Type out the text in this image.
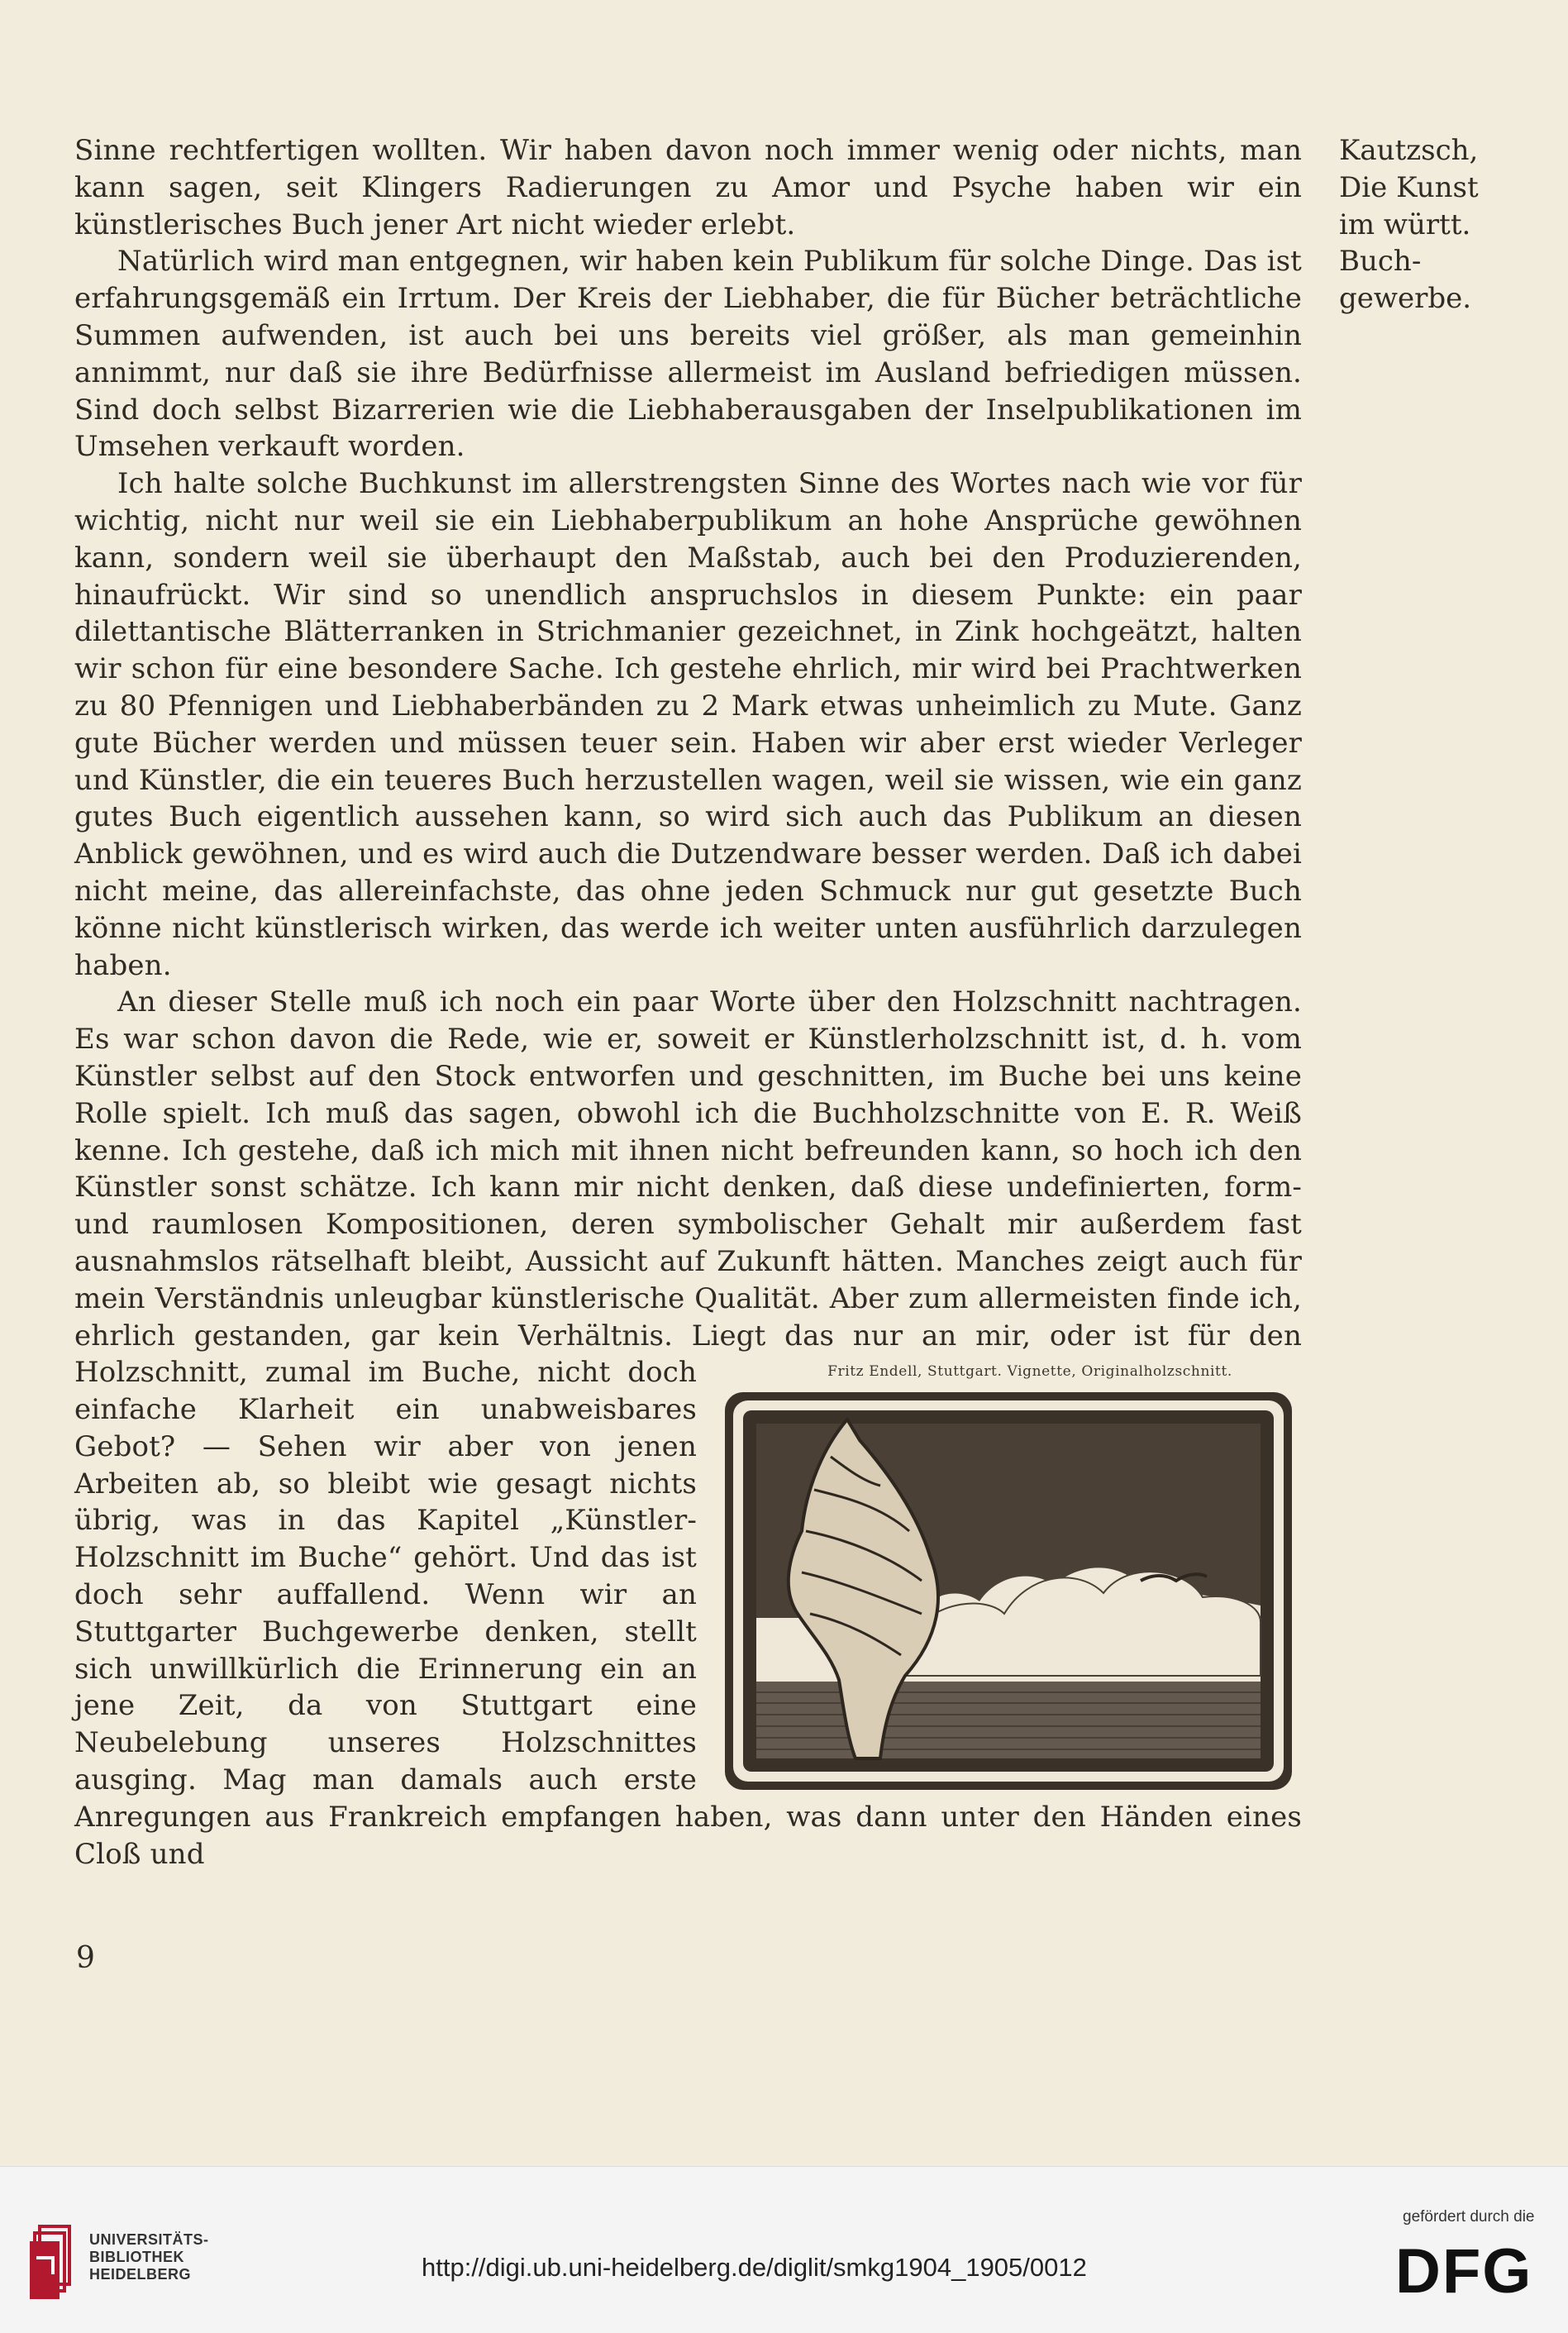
Sinne rechtfertigen wollten. Wir haben davon noch immer wenig oder nichts, man kann sagen, seit Klingers Radierungen zu Amor und Psyche haben wir ein künstlerisches Buch jener Art nicht wieder erlebt.

Natürlich wird man entgegnen, wir haben kein Publikum für solche Dinge. Das ist erfahrungsgemäß ein Irrtum. Der Kreis der Liebhaber, die für Bücher beträchtliche Summen aufwenden, ist auch bei uns bereits viel größer, als man gemeinhin annimmt, nur daß sie ihre Bedürfnisse allermeist im Ausland befriedigen müssen. Sind doch selbst Bizarrerien wie die Liebhaberausgaben der Inselpublikationen im Umsehen verkauft worden.

Ich halte solche Buchkunst im allerstrengsten Sinne des Wortes nach wie vor für wichtig, nicht nur weil sie ein Liebhaberpublikum an hohe Ansprüche gewöhnen kann, sondern weil sie überhaupt den Maßstab, auch bei den Produzierenden, hinaufrückt. Wir sind so unendlich anspruchslos in diesem Punkte: ein paar dilettantische Blätterranken in Strichmanier gezeichnet, in Zink hochgeätzt, halten wir schon für eine besondere Sache. Ich gestehe ehrlich, mir wird bei Prachtwerken zu 80 Pfennigen und Liebhaberbänden zu 2 Mark etwas unheimlich zu Mute. Ganz gute Bücher werden und müssen teuer sein. Haben wir aber erst wieder Verleger und Künstler, die ein teueres Buch herzustellen wagen, weil sie wissen, wie ein ganz gutes Buch eigentlich aussehen kann, so wird sich auch das Publikum an diesen Anblick gewöhnen, und es wird auch die Dutzendware besser werden. Daß ich dabei nicht meine, das allereinfachste, das ohne jeden Schmuck nur gut gesetzte Buch könne nicht künstlerisch wirken, das werde ich weiter unten ausführlich darzulegen haben.

An dieser Stelle muß ich noch ein paar Worte über den Holzschnitt nachtragen. Es war schon davon die Rede, wie er, soweit er Künstlerholzschnitt ist, d. h. vom Künstler selbst auf den Stock entworfen und geschnitten, im Buche bei uns keine Rolle spielt. Ich muß das sagen, obwohl ich die Buchholzschnitte von E. R. Weiß kenne. Ich gestehe, daß ich mich mit ihnen nicht befreunden kann, so hoch ich den Künstler sonst schätze. Ich kann mir nicht denken, daß diese undefinierten, form- und raumlosen Kompositionen, deren symbolischer Gehalt mir außerdem fast ausnahmslos rätselhaft bleibt, Aussicht auf Zukunft hätten. Manches zeigt auch für mein Verständnis unleugbar künstlerische Qualität. Aber zum allermeisten finde ich, ehrlich gestanden, gar kein Verhältnis. Liegt das nur an mir, oder ist für den Holzschnitt, zumal im Buche,	Fritz Endell, Stuttgart. Vignette, Originalholzschnitt.
nicht doch einfache Klarheit ein unabweisbares Gebot? — Sehen wir aber von jenen Arbeiten ab, so bleibt wie gesagt nichts übrig, was in das Kapitel „Künstler-Holzschnitt im Buche“ gehört. Und das ist doch sehr auffallend. Wenn wir an Stuttgarter Buchgewerbe denken, stellt sich unwillkürlich die Erinnerung ein an jene Zeit, da von Stuttgart eine Neubelebung unseres Holzschnittes ausging. Mag man damals auch erste Anregungen aus Frankreich empfangen haben, was dann unter den Händen eines Cloß und

Kautzsch,
Die Kunst
im württ.
Buch-
gewerbe.
9
UNIVERSITÄTS-
BIBLIOTHEK
HEIDELBERG	http://digi.ub.uni-heidelberg.de/diglit/smkg1904_1905/0012
gefördert durch die
DFG
